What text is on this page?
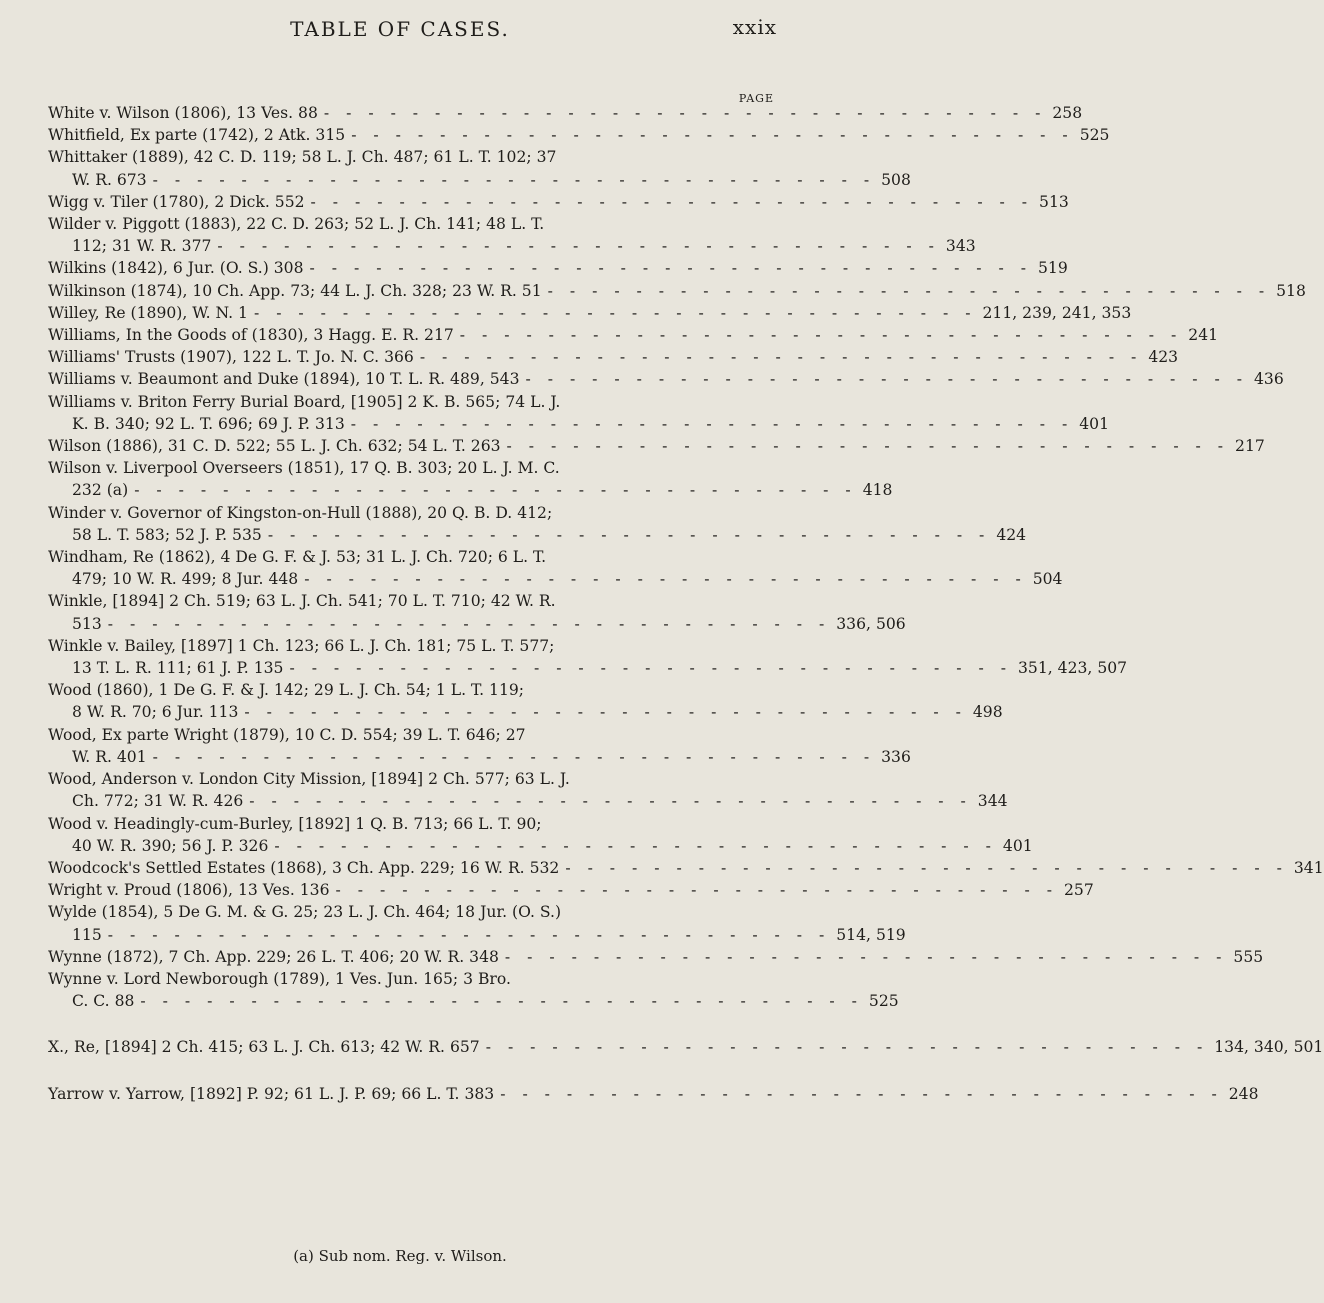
TABLE OF CASES.	xxix
PAGE
White v. Wilson (1806), 13 Ves. 88 - - - - - - - - - - - - - - - - - - - - - - - - - - - - - - - - - 258
Whitfield, Ex parte (1742), 2 Atk. 315 - - - - - - - - - - - - - - - - - - - - - - - - - - - - - - - - - 525
Whittaker (1889), 42 C. D. 119; 58 L. J. Ch. 487; 61 L. T. 102; 37
W. R. 673 - - - - - - - - - - - - - - - - - - - - - - - - - - - - - - - - - 508
Wigg v. Tiler (1780), 2 Dick. 552 - - - - - - - - - - - - - - - - - - - - - - - - - - - - - - - - - 513
Wilder v. Piggott (1883), 22 C. D. 263; 52 L. J. Ch. 141; 48 L. T.
112; 31 W. R. 377 - - - - - - - - - - - - - - - - - - - - - - - - - - - - - - - - - 343
Wilkins (1842), 6 Jur. (O. S.) 308 - - - - - - - - - - - - - - - - - - - - - - - - - - - - - - - - - 519
Wilkinson (1874), 10 Ch. App. 73; 44 L. J. Ch. 328; 23 W. R. 51 - - - - - - - - - - - - - - - - - - - - - - - - - - - - - - - - - 518
Willey, Re (1890), W. N. 1 - - - - - - - - - - - - - - - - - - - - - - - - - - - - - - - - - 211, 239, 241, 353
Williams, In the Goods of (1830), 3 Hagg. E. R. 217 - - - - - - - - - - - - - - - - - - - - - - - - - - - - - - - - - 241
Williams' Trusts (1907), 122 L. T. Jo. N. C. 366 - - - - - - - - - - - - - - - - - - - - - - - - - - - - - - - - - 423
Williams v. Beaumont and Duke (1894), 10 T. L. R. 489, 543 - - - - - - - - - - - - - - - - - - - - - - - - - - - - - - - - - 436
Williams v. Briton Ferry Burial Board, [1905] 2 K. B. 565; 74 L. J.
K. B. 340; 92 L. T. 696; 69 J. P. 313 - - - - - - - - - - - - - - - - - - - - - - - - - - - - - - - - - 401
Wilson (1886), 31 C. D. 522; 55 L. J. Ch. 632; 54 L. T. 263 - - - - - - - - - - - - - - - - - - - - - - - - - - - - - - - - - 217
Wilson v. Liverpool Overseers (1851), 17 Q. B. 303; 20 L. J. M. C.
232 (a) - - - - - - - - - - - - - - - - - - - - - - - - - - - - - - - - - 418
Winder v. Governor of Kingston-on-Hull (1888), 20 Q. B. D. 412;
58 L. T. 583; 52 J. P. 535 - - - - - - - - - - - - - - - - - - - - - - - - - - - - - - - - - 424
Windham, Re (1862), 4 De G. F. & J. 53; 31 L. J. Ch. 720; 6 L. T.
479; 10 W. R. 499; 8 Jur. 448 - - - - - - - - - - - - - - - - - - - - - - - - - - - - - - - - - 504
Winkle, [1894] 2 Ch. 519; 63 L. J. Ch. 541; 70 L. T. 710; 42 W. R.
513 - - - - - - - - - - - - - - - - - - - - - - - - - - - - - - - - - 336, 506
Winkle v. Bailey, [1897] 1 Ch. 123; 66 L. J. Ch. 181; 75 L. T. 577;
13 T. L. R. 111; 61 J. P. 135 - - - - - - - - - - - - - - - - - - - - - - - - - - - - - - - - - 351, 423, 507
Wood (1860), 1 De G. F. & J. 142; 29 L. J. Ch. 54; 1 L. T. 119;
8 W. R. 70; 6 Jur. 113 - - - - - - - - - - - - - - - - - - - - - - - - - - - - - - - - - 498
Wood, Ex parte Wright (1879), 10 C. D. 554; 39 L. T. 646; 27
W. R. 401 - - - - - - - - - - - - - - - - - - - - - - - - - - - - - - - - - 336
Wood, Anderson v. London City Mission, [1894] 2 Ch. 577; 63 L. J.
Ch. 772; 31 W. R. 426 - - - - - - - - - - - - - - - - - - - - - - - - - - - - - - - - - 344
Wood v. Headingly-cum-Burley, [1892] 1 Q. B. 713; 66 L. T. 90;
40 W. R. 390; 56 J. P. 326 - - - - - - - - - - - - - - - - - - - - - - - - - - - - - - - - - 401
Woodcock's Settled Estates (1868), 3 Ch. App. 229; 16 W. R. 532 - - - - - - - - - - - - - - - - - - - - - - - - - - - - - - - - - 341
Wright v. Proud (1806), 13 Ves. 136 - - - - - - - - - - - - - - - - - - - - - - - - - - - - - - - - - 257
Wylde (1854), 5 De G. M. & G. 25; 23 L. J. Ch. 464; 18 Jur. (O. S.)
115 - - - - - - - - - - - - - - - - - - - - - - - - - - - - - - - - - 514, 519
Wynne (1872), 7 Ch. App. 229; 26 L. T. 406; 20 W. R. 348 - - - - - - - - - - - - - - - - - - - - - - - - - - - - - - - - - 555
Wynne v. Lord Newborough (1789), 1 Ves. Jun. 165; 3 Bro.
C. C. 88 - - - - - - - - - - - - - - - - - - - - - - - - - - - - - - - - - 525
X., Re, [1894] 2 Ch. 415; 63 L. J. Ch. 613; 42 W. R. 657 - - - - - - - - - - - - - - - - - - - - - - - - - - - - - - - - - 134, 340, 501
Yarrow v. Yarrow, [1892] P. 92; 61 L. J. P. 69; 66 L. T. 383 - - - - - - - - - - - - - - - - - - - - - - - - - - - - - - - - - 248
(a) Sub nom. Reg. v. Wilson.
